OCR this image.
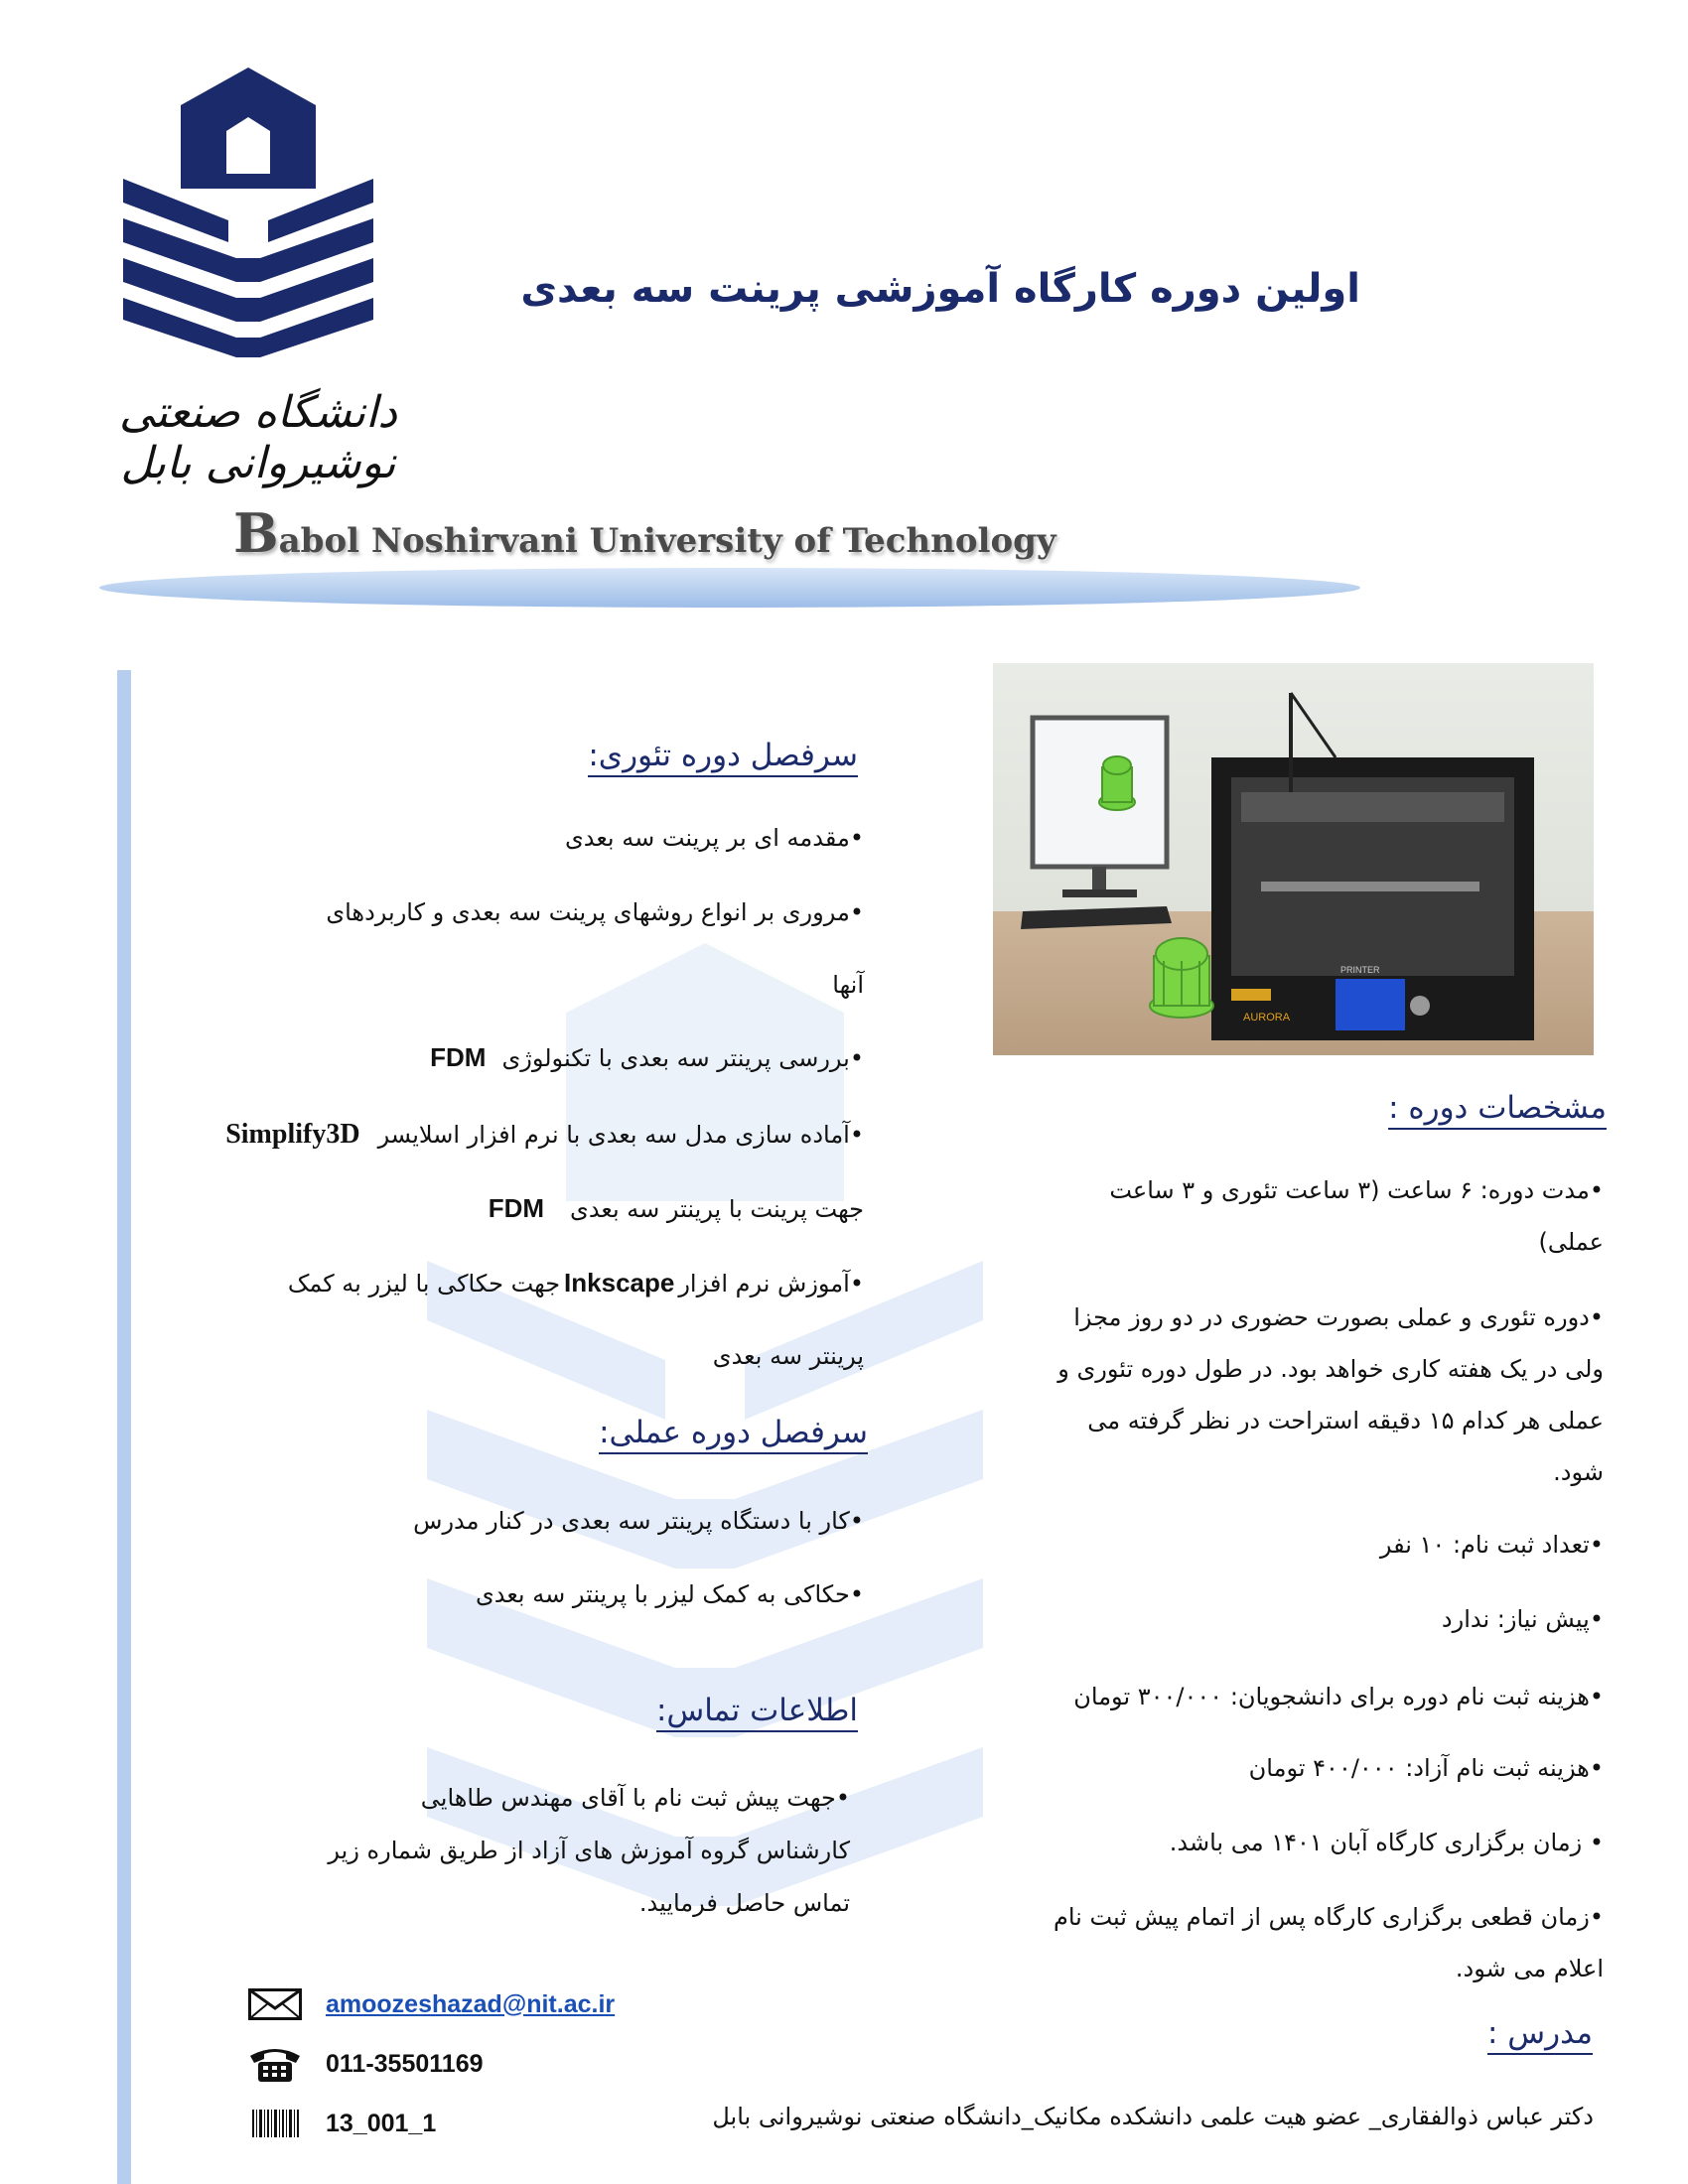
دانشگاه صنعتی نوشیروانی بابل
اولین دوره کارگاه آموزشی پرینت سه بعدی
Babol Noshirvani University of Technology
AURORA
PRINTER
سرفصل دوره تئوری:
•مقدمه ای بر پرینت سه بعدی
•مروری بر انواع روشهای پرینت سه بعدی و کاربردهای
آنها
•بررسی پرینتر سه بعدی با تکنولوژی
FDM
•آماده سازی مدل سه بعدی با نرم افزار اسلایسر
Simplify3D
جهت پرینت با پرینتر سه بعدی
FDM
•آموزش نرم افزار
Inkscape
جهت حکاکی با لیزر به کمک
پرینتر سه بعدی
سرفصل دوره عملی:
•کار با دستگاه پرینتر سه بعدی در کنار مدرس
•حکاکی به کمک لیزر با پرینتر سه بعدی
اطلاعات تماس:
•جهت پیش ثبت نام با آقای مهندس طاهایی
کارشناس گروه آموزش های آزاد از طریق شماره زیر
تماس حاصل فرمایید.
مشخصات دوره :
•مدت دوره: ۶ ساعت (۳ ساعت تئوری و ۳ ساعت
عملی)
•دوره تئوری و عملی بصورت حضوری در دو روز مجزا
ولی در یک هفته کاری خواهد بود. در طول دوره تئوری و
عملی هر کدام ۱۵ دقیقه استراحت در نظر گرفته می
شود.
•تعداد ثبت نام: ۱۰ نفر
•پیش نیاز: ندارد
•هزینه ثبت نام دوره برای دانشجویان: ۳۰۰/۰۰۰ تومان
•هزینه ثبت نام آزاد: ۴۰۰/۰۰۰ تومان
• زمان برگزاری کارگاه آبان ۱۴۰۱ می باشد.
•زمان قطعی برگزاری کارگاه پس از اتمام پیش ثبت نام
اعلام می شود.
مدرس :
دکتر عباس ذوالفقاری_ عضو هیت علمی دانشکده مکانیک_دانشگاه صنعتی نوشیروانی بابل
amoozeshazad@nit.ac.ir
011-35501169
13_001_1
